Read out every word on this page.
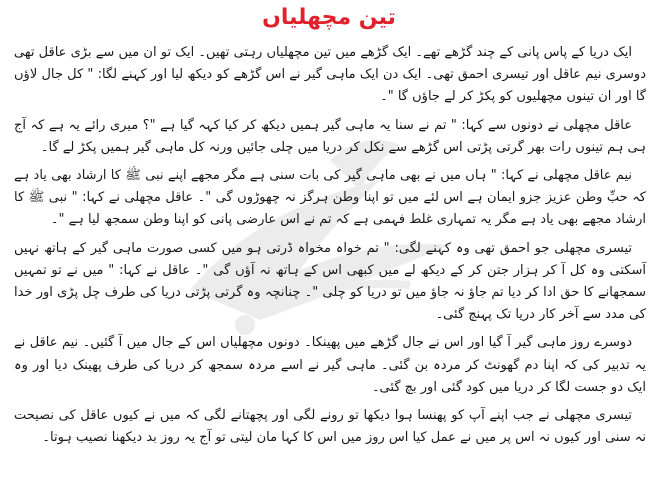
تین مچھلیاں

ایک دریا کے پاس پانی کے چند گڑھے تھے۔ ایک گڑھے میں تین مچھلیاں رہتی تھیں۔ ایک تو ان میں سے بڑی عاقل تھی دوسری نیم عاقل اور تیسری احمق تھی۔ ایک دن ایک ماہی گیر نے اس گڑھے کو دیکھ لیا اور کہنے لگا: " کل جال لاؤں گا اور ان تینوں مچھلیوں کو پکڑ کر لے جاؤں گا "۔

عاقل مچھلی نے دونوں سے کہا: " تم نے سنا یہ ماہی گیر ہمیں دیکھ کر کیا کہہ گیا ہے "؟ میری رائے یہ ہے کہ آج ہی ہم تینوں رات بھر گرتی پڑتی اس گڑھے سے نکل کر دریا میں چلی جائیں ورنہ کل ماہی گیر ہمیں پکڑ لے گا۔

نیم عاقل مچھلی نے کہا: " ہاں میں نے بھی ماہی گیر کی بات سنی ہے مگر مجھے اپنے نبی ﷺ کا ارشاد بھی یاد ہے کہ حبِّ وطن عزیز جزو ایمان ہے اس لئے میں تو اپنا وطن ہرگز نہ چھوڑوں گی "۔ عاقل مچھلی نے کہا: " نبی ﷺ کا ارشاد مجھے بھی یاد ہے مگر یہ تمہاری غلط فہمی ہے کہ تم نے اس عارضی پانی کو اپنا وطن سمجھ لیا ہے "۔

تیسری مچھلی جو احمق تھی وہ کہنے لگی: " تم خواہ مخواہ ڈرتی ہو میں کسی صورت ماہی گیر کے ہاتھ نہیں آسکتی وہ کل آ کر ہزار جتن کر کے دیکھ لے میں کبھی اس کے ہاتھ نہ آؤں گی "۔ عاقل نے کہا: " میں نے تو تمہیں سمجھانے کا حق ادا کر دیا تم جاؤ نہ جاؤ میں تو دریا کو چلی "۔ چنانچہ وہ گرتی پڑتی دریا کی طرف چل پڑی اور خدا کی مدد سے آخر کار دریا تک پہنچ گئی۔

دوسرے روز ماہی گیر آ گیا اور اس نے جال گڑھے میں پھینکا۔ دونوں مچھلیاں اس کے جال میں آ گئیں۔ نیم عاقل نے یہ تدبیر کی کہ اپنا دم گھونٹ کر مردہ بن گئی۔ ماہی گیر نے اسے مردہ سمجھ کر دریا کی طرف پھینک دیا اور وہ ایک دو جست لگا کر دریا میں کود گئی اور بچ گئی۔

تیسری مچھلی نے جب اپنے آپ کو پھنسا ہوا دیکھا تو رونے لگی اور پچھتانے لگی کہ میں نے کیوں عاقل کی نصیحت نہ سنی اور کیوں نہ اس پر میں نے عمل کیا اس روز میں اس کا کہا مان لیتی تو آج یہ روز بد دیکھنا نصیب ہوتا۔
